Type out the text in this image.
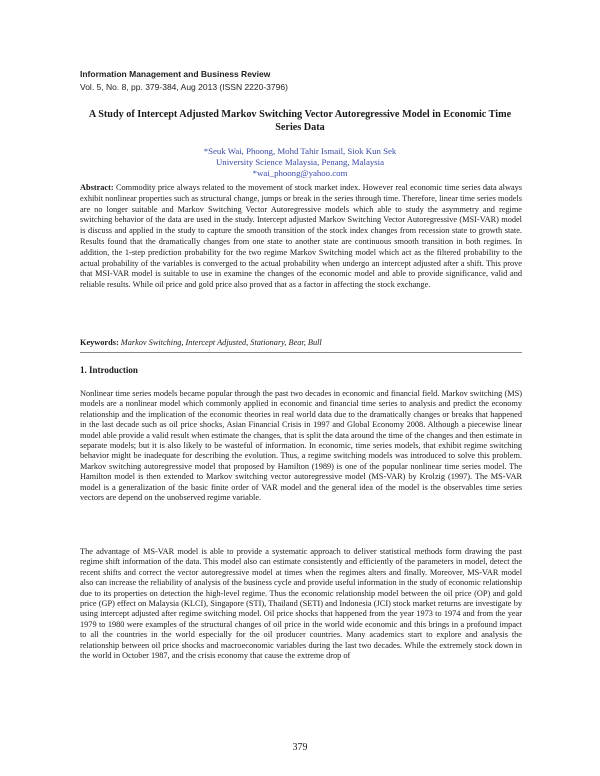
Information Management and Business Review
Vol. 5, No. 8, pp. 379-384, Aug 2013 (ISSN 2220-3796)
A Study of Intercept Adjusted Markov Switching Vector Autoregressive Model in Economic Time Series Data
*Seuk Wai, Phoong, Mohd Tahir Ismail, Siok Kun Sek
University Science Malaysia, Penang, Malaysia
*wai_phoong@yahoo.com
Abstract: Commodity price always related to the movement of stock market index. However real economic time series data always exhibit nonlinear properties such as structural change, jumps or break in the series through time. Therefore, linear time series models are no longer suitable and Markov Switching Vector Autoregressive models which able to study the asymmetry and regime switching behavior of the data are used in the study. Intercept adjusted Markov Switching Vector Autoregressive (MSI-VAR) model is discuss and applied in the study to capture the smooth transition of the stock index changes from recession state to growth state. Results found that the dramatically changes from one state to another state are continuous smooth transition in both regimes. In addition, the 1-step prediction probability for the two regime Markov Switching model which act as the filtered probability to the actual probability of the variables is converged to the actual probability when undergo an intercept adjusted after a shift. This prove that MSI-VAR model is suitable to use in examine the changes of the economic model and able to provide significance, valid and reliable results. While oil price and gold price also proved that as a factor in affecting the stock exchange.
Keywords: Markov Switching, Intercept Adjusted, Stationary, Bear, Bull
1. Introduction
Nonlinear time series models became popular through the past two decades in economic and financial field. Markov switching (MS) models are a nonlinear model which commonly applied in economic and financial time series to analysis and predict the economy relationship and the implication of the economic theories in real world data due to the dramatically changes or breaks that happened in the last decade such as oil price shocks, Asian Financial Crisis in 1997 and Global Economy 2008. Although a piecewise linear model able provide a valid result when estimate the changes, that is split the data around the time of the changes and then estimate in separate models; but it is also likely to be wasteful of information. In economic, time series models, that exhibit regime switching behavior might be inadequate for describing the evolution. Thus, a regime switching models was introduced to solve this problem. Markov switching autoregressive model that proposed by Hamilton (1989) is one of the popular nonlinear time series model. The Hamilton model is then extended to Markov switching vector autoregressive model (MS-VAR) by Krolzig (1997). The MS-VAR model is a generalization of the basic finite order of VAR model and the general idea of the model is the observables time series vectors are depend on the unobserved regime variable.
The advantage of MS-VAR model is able to provide a systematic approach to deliver statistical methods form drawing the past regime shift information of the data. This model also can estimate consistently and efficiently of the parameters in model, detect the recent shifts and correct the vector autoregressive model at times when the regimes alters and finally. Moreover, MS-VAR model also can increase the reliability of analysis of the business cycle and provide useful information in the study of economic relationship due to its properties on detection the high-level regime. Thus the economic relationship model between the oil price (OP) and gold price (GP) effect on Malaysia (KLCI), Singapore (STI), Thailand (SETI) and Indonesia (JCI) stock market returns are investigate by using intercept adjusted after regime switching model. Oil price shocks that happened from the year 1973 to 1974 and from the year 1979 to 1980 were examples of the structural changes of oil price in the world wide economic and this brings in a profound impact to all the countries in the world especially for the oil producer countries. Many academics start to explore and analysis the relationship between oil price shocks and macroeconomic variables during the last two decades. While the extremely stock down in the world in October 1987, and the crisis economy that cause the extreme drop of
379
